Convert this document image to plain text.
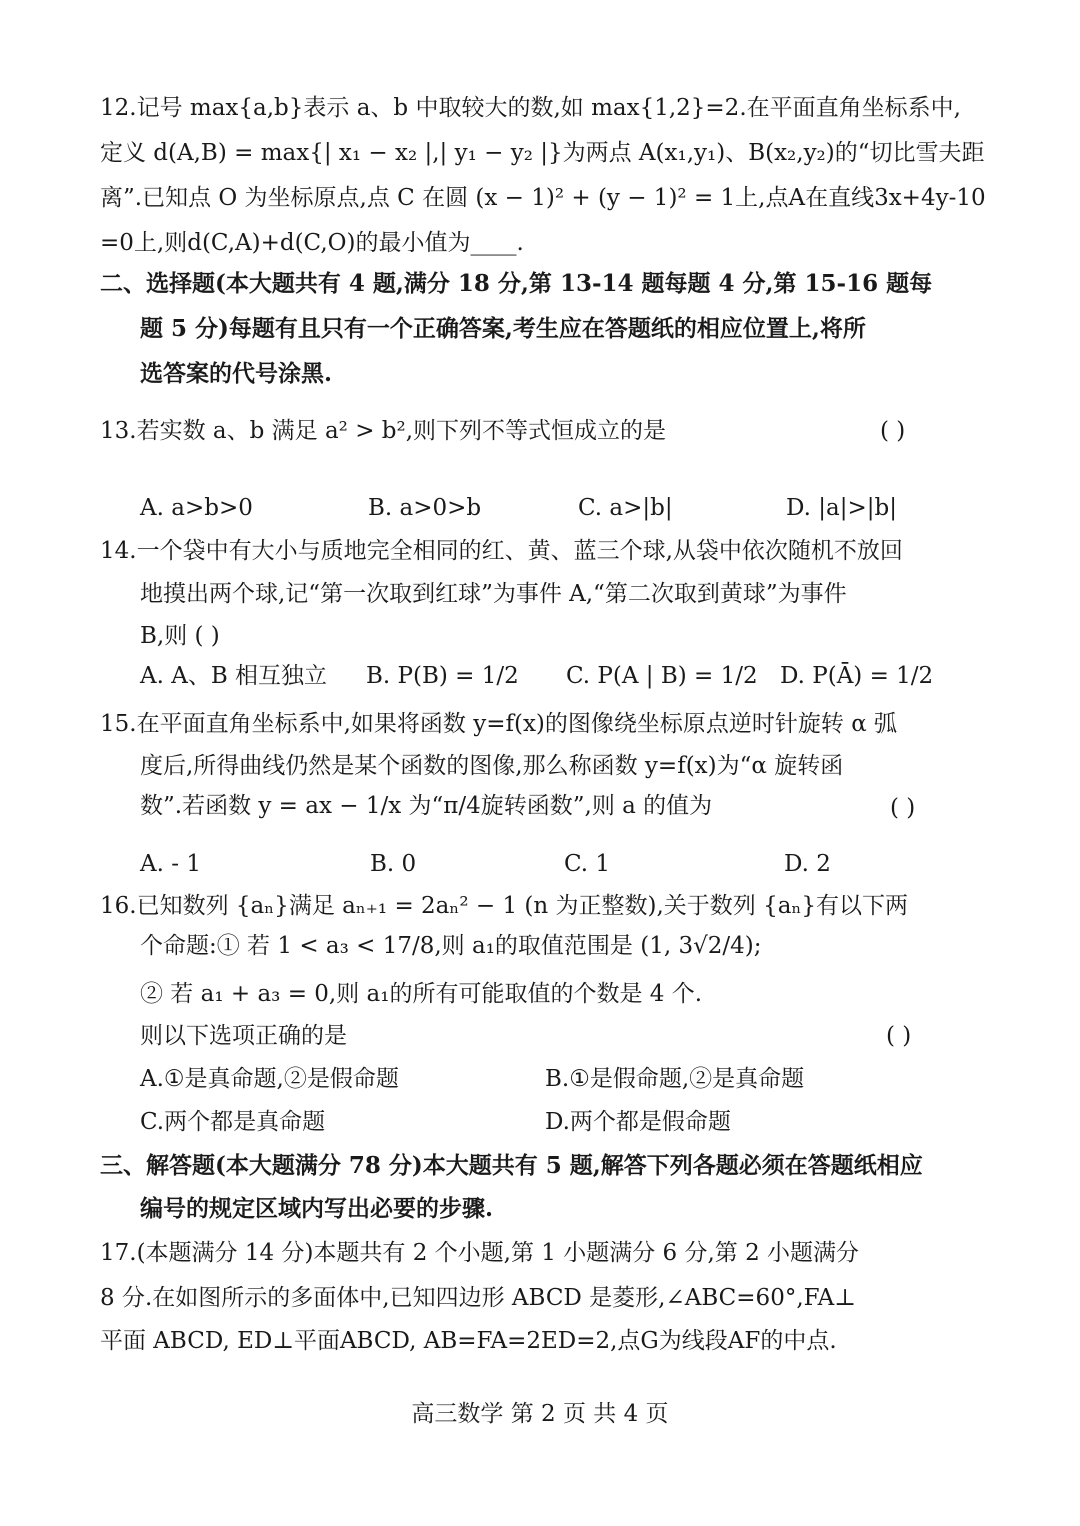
12.记号 max{a,b}表示 a、b 中取较大的数,如 max{1,2}=2.在平面直角坐标系中,
定义 d(A,B) = max{| x₁ − x₂ |,| y₁ − y₂ |}为两点 A(x₁,y₁)、B(x₂,y₂)的“切比雪夫距
离”.已知点 O 为坐标原点,点 C 在圆 (x − 1)² + (y − 1)² = 1上,点A在直线3x+4y-10
=0上,则d(C,A)+d(C,O)的最小值为____.
二、选择题(本大题共有 4 题,满分 18 分,第 13-14 题每题 4 分,第 15-16 题每
题 5 分)每题有且只有一个正确答案,考生应在答题纸的相应位置上,将所
选答案的代号涂黑.
13.若实数 a、b 满足 a² > b²,则下列不等式恒成立的是	( )
A. a>b>0	B. a>0>b	C. a>|b|	D. |a|>|b|
14.一个袋中有大小与质地完全相同的红、黄、蓝三个球,从袋中依次随机不放回
地摸出两个球,记“第一次取到红球”为事件 A,“第二次取到黄球”为事件
B,则 ( )
A. A、B 相互独立 B. P(B) = 1/2 C. P(A | B) = 1/2 D. P(Ā) = 1/2
15.在平面直角坐标系中,如果将函数 y=f(x)的图像绕坐标原点逆时针旋转 α 弧
度后,所得曲线仍然是某个函数的图像,那么称函数 y=f(x)为“α 旋转函
数”.若函数 y = ax − 1/x 为“π/4旋转函数”,则 a 的值为	( )
A. - 1	B. 0	C. 1	D. 2
16.已知数列 {aₙ}满足 aₙ₊₁ = 2aₙ² − 1 (n 为正整数),关于数列 {aₙ}有以下两
个命题:① 若 1 < a₃ < 17/8,则 a₁的取值范围是 (1, 3√2/4);
② 若 a₁ + a₃ = 0,则 a₁的所有可能取值的个数是 4 个.
则以下选项正确的是	( )
A.①是真命题,②是假命题	B.①是假命题,②是真命题
C.两个都是真命题	D.两个都是假命题
三、解答题(本大题满分 78 分)本大题共有 5 题,解答下列各题必须在答题纸相应
编号的规定区域内写出必要的步骤.
17.(本题满分 14 分)本题共有 2 个小题,第 1 小题满分 6 分,第 2 小题满分
8 分.在如图所示的多面体中,已知四边形 ABCD 是菱形,∠ABC=60°,FA⊥
平面 ABCD, ED⊥平面ABCD, AB=FA=2ED=2,点G为线段AF的中点.
高三数学 第 2 页 共 4 页
